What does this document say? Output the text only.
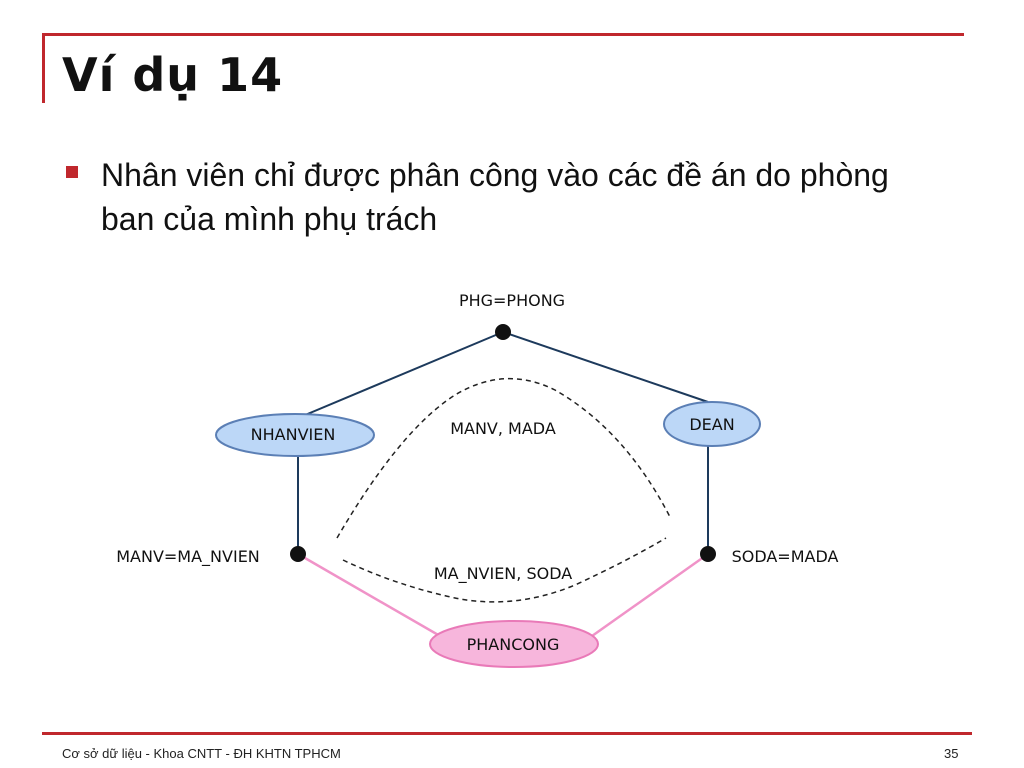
Ví dụ 14

Nhân viên chỉ được phân công vào các đề án do phòng ban của mình phụ trách

NHANVIEN
DEAN
PHANCONG
PHG=PHONG
MANV=MA_NVIEN	SODA=MADA
MANV, MADA
MA_NVIEN, SODA
Cơ sở dữ liệu - Khoa CNTT - ĐH KHTN TPHCM	35
